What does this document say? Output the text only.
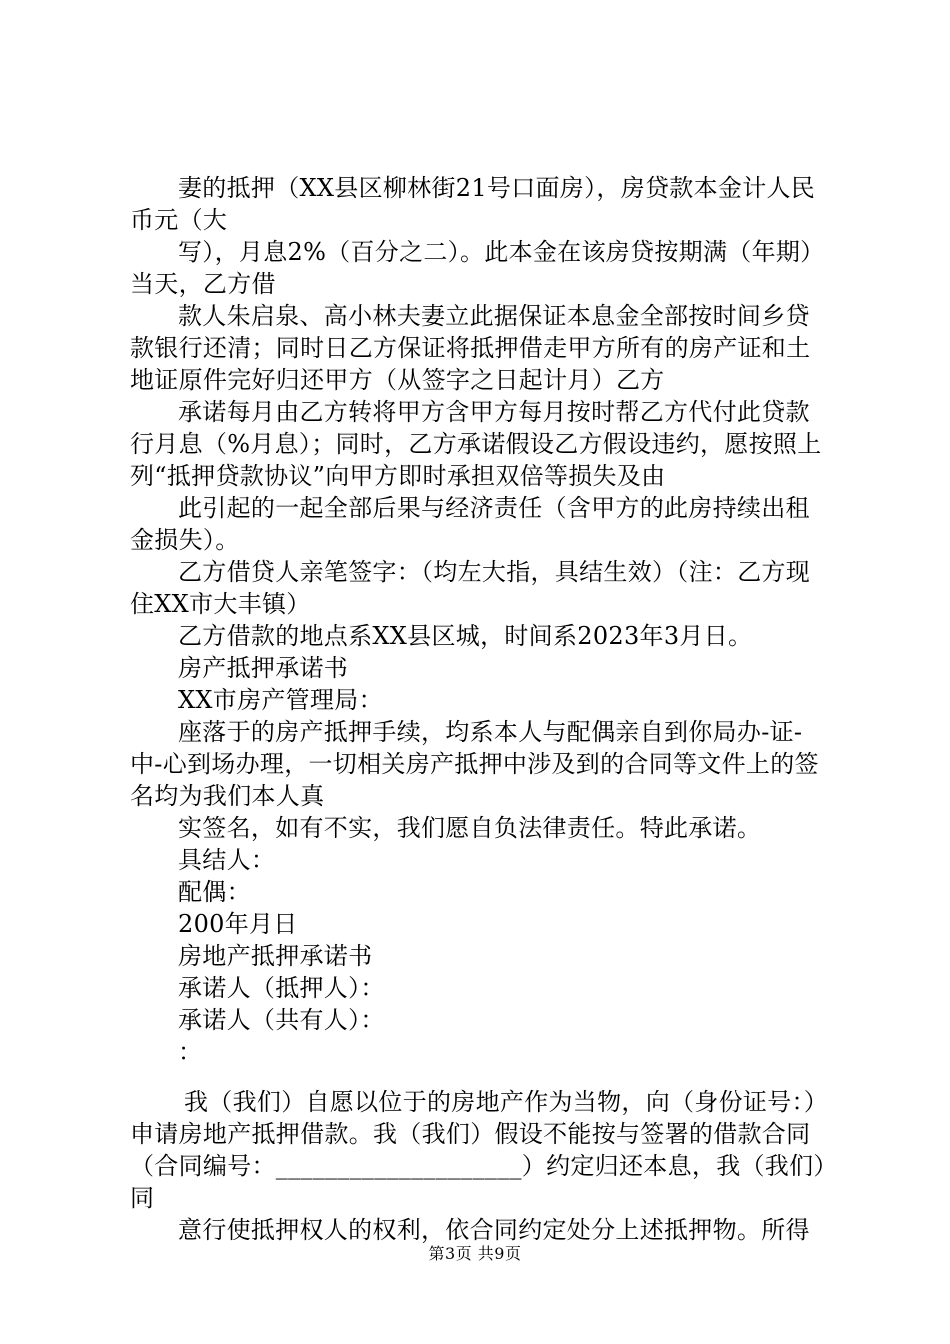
妻的抵押（XX县区柳林街21号口面房），房贷款本金计人民币元（大

写），月息2%（百分之二）。此本金在该房贷按期满（年期）当天，乙方借

款人朱启泉、高小林夫妻立此据保证本息金全部按时间乡贷款银行还清；同时日乙方保证将抵押借走甲方所有的房产证和土地证原件完好归还甲方（从签字之日起计月）乙方

承诺每月由乙方转将甲方含甲方每月按时帮乙方代付此贷款行月息（%月息）；同时，乙方承诺假设乙方假设违约，愿按照上列“抵押贷款协议”向甲方即时承担双倍等损失及由

此引起的一起全部后果与经济责任（含甲方的此房持续出租金损失）。

乙方借贷人亲笔签字：（均左大指，具结生效）（注：乙方现住XX市大丰镇）

乙方借款的地点系XX县区城，时间系2023年3月日。

房产抵押承诺书

XX市房产管理局：

座落于的房产抵押手续，均系本人与配偶亲自到你局办-证-中-心到场办理，一切相关房产抵押中涉及到的合同等文件上的签名均为我们本人真

实签名，如有不实，我们愿自负法律责任。特此承诺。

具结人：

配偶：

200年月日

房地产抵押承诺书

承诺人（抵押人）：

承诺人（共有人）：

：

我（我们）自愿以位于的房地产作为当物，向（身份证号：）申请房地产抵押借款。我（我们）假设不能按与签署的借款合同（合同编号：____________________）约定归还本息，我（我们）同

意行使抵押权人的权利，依合同约定处分上述抵押物。所得

第3页 共9页
